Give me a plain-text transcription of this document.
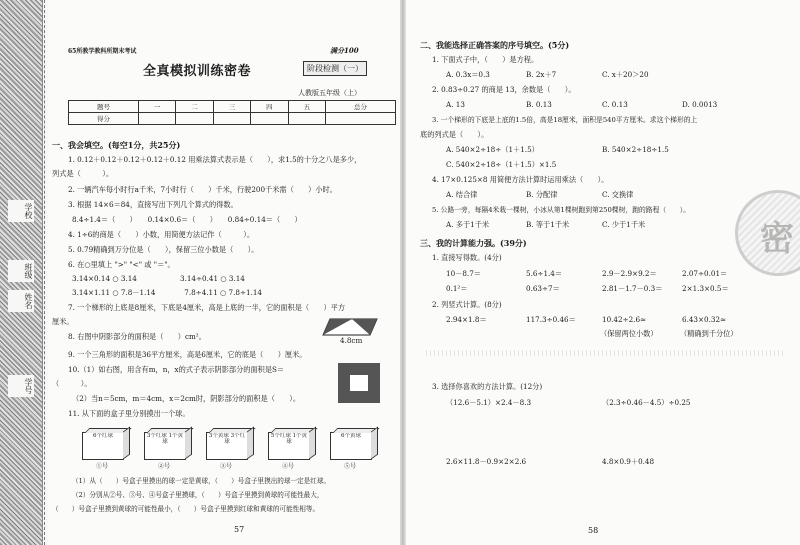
学校
班级
姓名
学号
65所教学教科所期末考试	满分100
全真模拟训练密卷	阶段检测（一）
人教版五年级（上）
题号	一	二	三	四	五	总分
得分						
一、我会填空。(每空1分，共25分)
1. 0.12＋0.12＋0.12＋0.12＋0.12 用乘法算式表示是（　　），求1.5的十分之八是多少，
列式是（　　　）。
2. 一辆汽车每小时行a千米，7小时行（　　）千米，行驶200千米需（　　）小时。
3. 根据 14×6＝84，直接写出下列几个算式的得数。
8.4÷1.4＝（　　）　　0.14×0.6＝（　　）　　0.84÷0.14＝（　　）
4. 1÷6的商是（　　）小数，用简便方法记作（　　　）。
5. 0.79精确到万分位是（　　），保留三位小数是（　　）。
6. 在○里填上 ">" "<" 或 "＝"。
3.14×0.14 ○ 3.14　　　　　　3.14÷0.41 ○ 3.14
3.14×1.11 ○ 7.8－1.14　　　　7.8÷4.11 ○ 7.8÷1.14
7. 一个梯形的上底是8厘米，下底是4厘米，高是上底的一半，它的面积是（　　）平方
厘米。
8. 右图中阴影部分的面积是（　　）cm²。	4.8cm
9. 一个三角形的面积是36平方厘米，高是6厘米，它的底是（　　）厘米。
10.（1）如右图，用含有m，n，x的式子表示阴影部分的面积是S＝
（　　　）。
（2）当n＝5cm，m＝4cm，x＝2cm时，阴影部分的面积是（　　）。
11. 从下面的盒子里分别摸出一个球。
6个红球
①号
3个红球 1个黄球
②号
3个黄球 3个红球
③号
5个红球 1个黄球
④号
6个黄球
⑤号
（1）从（　　）号盒子里摸出的球一定是黄球，（　　）号盒子里摸出的球一定是红球。
（2）分别从②号、③号、④号盒子里摸球，（　　）号盒子里摸到黄球的可能性最大，
（　　）号盒子里摸到黄球的可能性最小，（　　）号盒子里摸到红球和黄球的可能性相等。
57
二、我能选择正确答案的序号填空。(5分)
1. 下面式子中，（　　）是方程。
A. 0.3x＝0.3	B. 2x＋7	C. x＋20＞20
2. 0.83÷0.27 的商是 13，余数是（　　）。
A. 13	B. 0.13	C. 0.13	D. 0.0013
3. 一个梯形的下底是上底的1.5倍，高是18厘米，面积是540平方厘米。求这个梯形的上
底的列式是（　　）。
A. 540×2÷18÷（1＋1.5）	B. 540×2÷18÷1.5
C. 540×2÷18÷（1＋1.5）×1.5
4. 17×0.125×8 用简便方法计算时运用乘法（　　）。
A. 结合律	B. 分配律	C. 交换律
5. 公路一旁，每隔4米栽一棵树，小冰从第1棵树跑到第250棵树，跑的路程（　　）。
A. 多于1千米	B. 等于1千米	C. 少于1千米
三、我的计算能力强。(39分)
1. 直接写得数。(4分)
10－8.7＝	5.6÷1.4＝	2.9－2.9×9.2＝	2.07÷0.01＝
0.1²＝	0.63÷7＝	2.81－1.7－0.3＝	2×1.3×0.5＝
2. 列竖式计算。(8分)
2.94×1.8＝	117.3÷0.46＝	10.42÷2.6≈	6.43×0.32≈
（保留两位小数）	（精确到千分位）
3. 选择你喜欢的方法计算。(12分)
（12.6－5.1）×2.4－8.3	（2.3÷0.46－4.5）÷0.25
2.6×11.8－0.9×2×2.6	4.8×0.9＋0.48
58
密
